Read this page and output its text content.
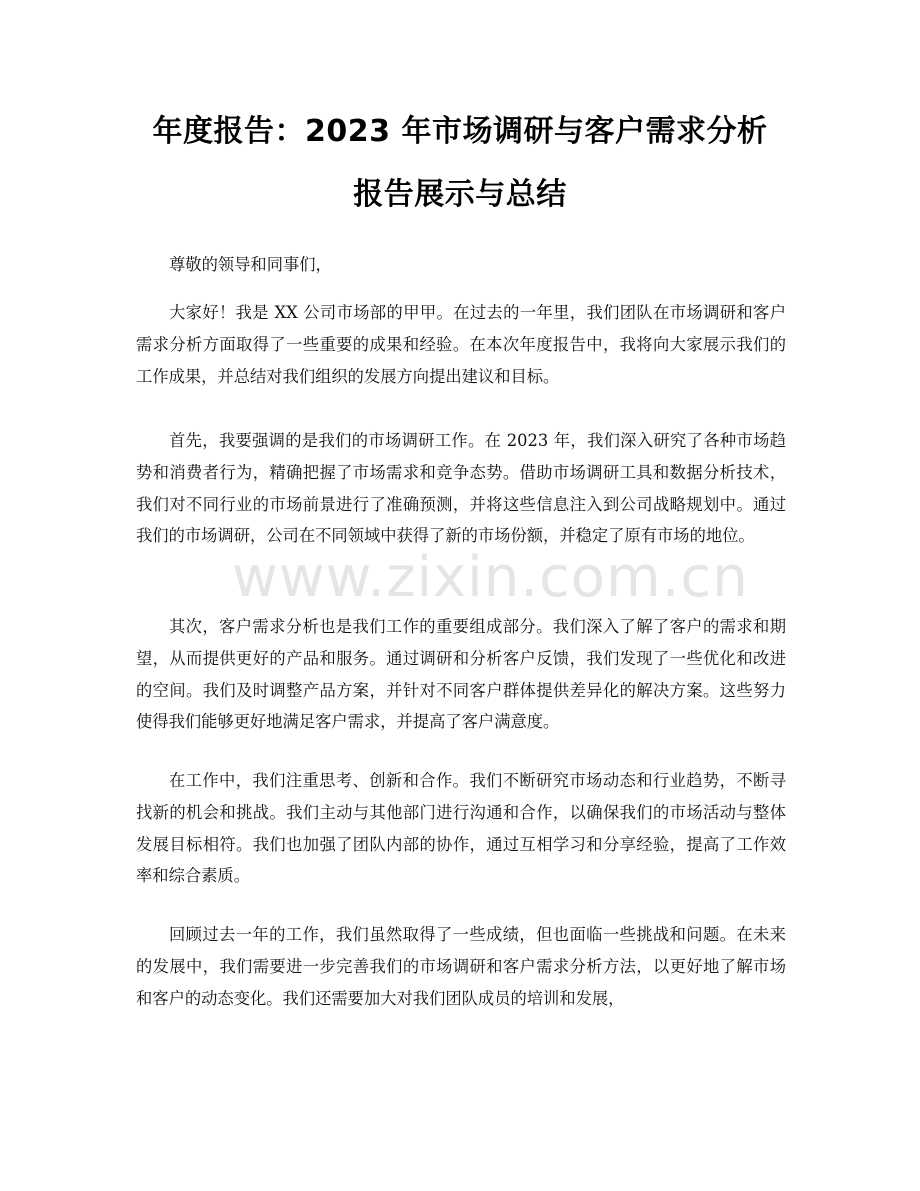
年度报告：2023 年市场调研与客户需求分析
报告展示与总结

尊敬的领导和同事们，

大家好！我是 XX 公司市场部的甲甲。在过去的一年里，我们团队在市场调研和客户需求分析方面取得了一些重要的成果和经验。在本次年度报告中，我将向大家展示我们的工作成果，并总结对我们组织的发展方向提出建议和目标。

首先，我要强调的是我们的市场调研工作。在 2023 年，我们深入研究了各种市场趋势和消费者行为，精确把握了市场需求和竞争态势。借助市场调研工具和数据分析技术，我们对不同行业的市场前景进行了准确预测，并将这些信息注入到公司战略规划中。通过我们的市场调研，公司在不同领域中获得了新的市场份额，并稳定了原有市场的地位。

其次，客户需求分析也是我们工作的重要组成部分。我们深入了解了客户的需求和期望，从而提供更好的产品和服务。通过调研和分析客户反馈，我们发现了一些优化和改进的空间。我们及时调整产品方案，并针对不同客户群体提供差异化的解决方案。这些努力使得我们能够更好地满足客户需求，并提高了客户满意度。

在工作中，我们注重思考、创新和合作。我们不断研究市场动态和行业趋势，不断寻找新的机会和挑战。我们主动与其他部门进行沟通和合作，以确保我们的市场活动与整体发展目标相符。我们也加强了团队内部的协作，通过互相学习和分享经验，提高了工作效率和综合素质。

回顾过去一年的工作，我们虽然取得了一些成绩，但也面临一些挑战和问题。在未来的发展中，我们需要进一步完善我们的市场调研和客户需求分析方法，以更好地了解市场和客户的动态变化。我们还需要加大对我们团队成员的培训和发展，

www.zixin.com.cn
